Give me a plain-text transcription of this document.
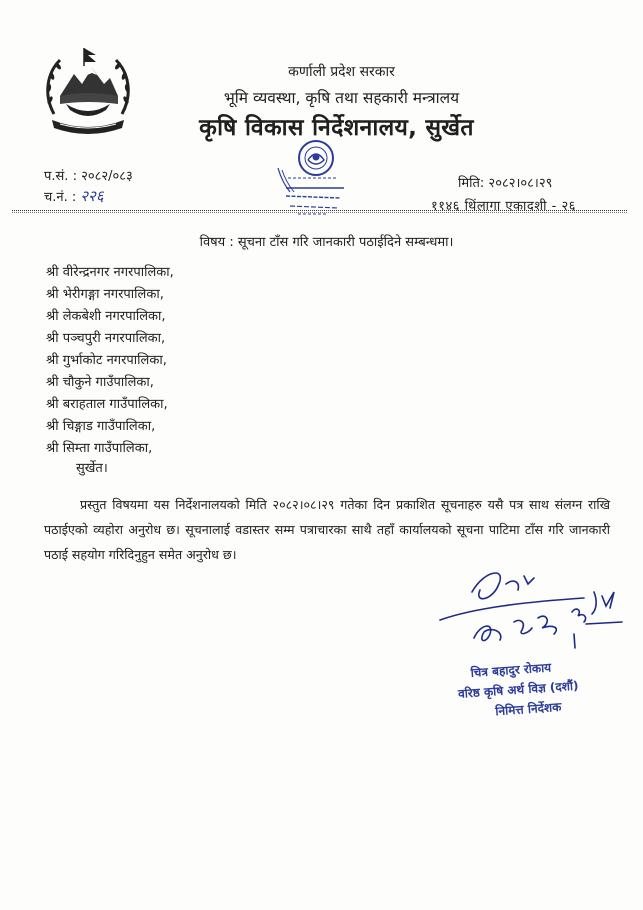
कर्णाली प्रदेश सरकार
भूमि व्यवस्था, कृषि तथा सहकारी मन्त्रालय
कृषि विकास निर्देशनालय, सुर्खेत
प.सं. : २०८२/०८३
च.नं. : २२६
मिति: २०८२।०८।२९
११४६ थिंलागा एकादशी - २६
विषय : सूचना टाँस गरि जानकारी पठाईदिने सम्बन्धमा।
श्री वीरेन्द्रनगर नगरपालिका,
श्री भेरीगङ्गा नगरपालिका,
श्री लेकबेशी नगरपालिका,
श्री पञ्चपुरी नगरपालिका,
श्री गुर्भाकोट नगरपालिका,
श्री चौकुने गाउँपालिका,
श्री बराहताल गाउँपालिका,
श्री चिङ्गाड गाउँपालिका,
श्री सिम्ता गाउँपालिका,
सुर्खेत।
प्रस्तुत विषयमा यस निर्देशनालयको मिति २०८२।०८।२९ गतेका दिन प्रकाशित सूचनाहरु यसै पत्र साथ संलग्न राखि पठाईएको व्यहोरा अनुरोध छ। सूचनालाई वडास्तर सम्म पत्राचारका साथै तहाँ कार्यालयको सूचना पाटिमा टाँस गरि जानकारी पठाई सहयोग गरिदिनुहुन समेत अनुरोध छ।
चित्र बहादुर रोकाय
वरिष्ठ कृषि अर्थ विज्ञ (दशौं)
निमित्त निर्देशक
